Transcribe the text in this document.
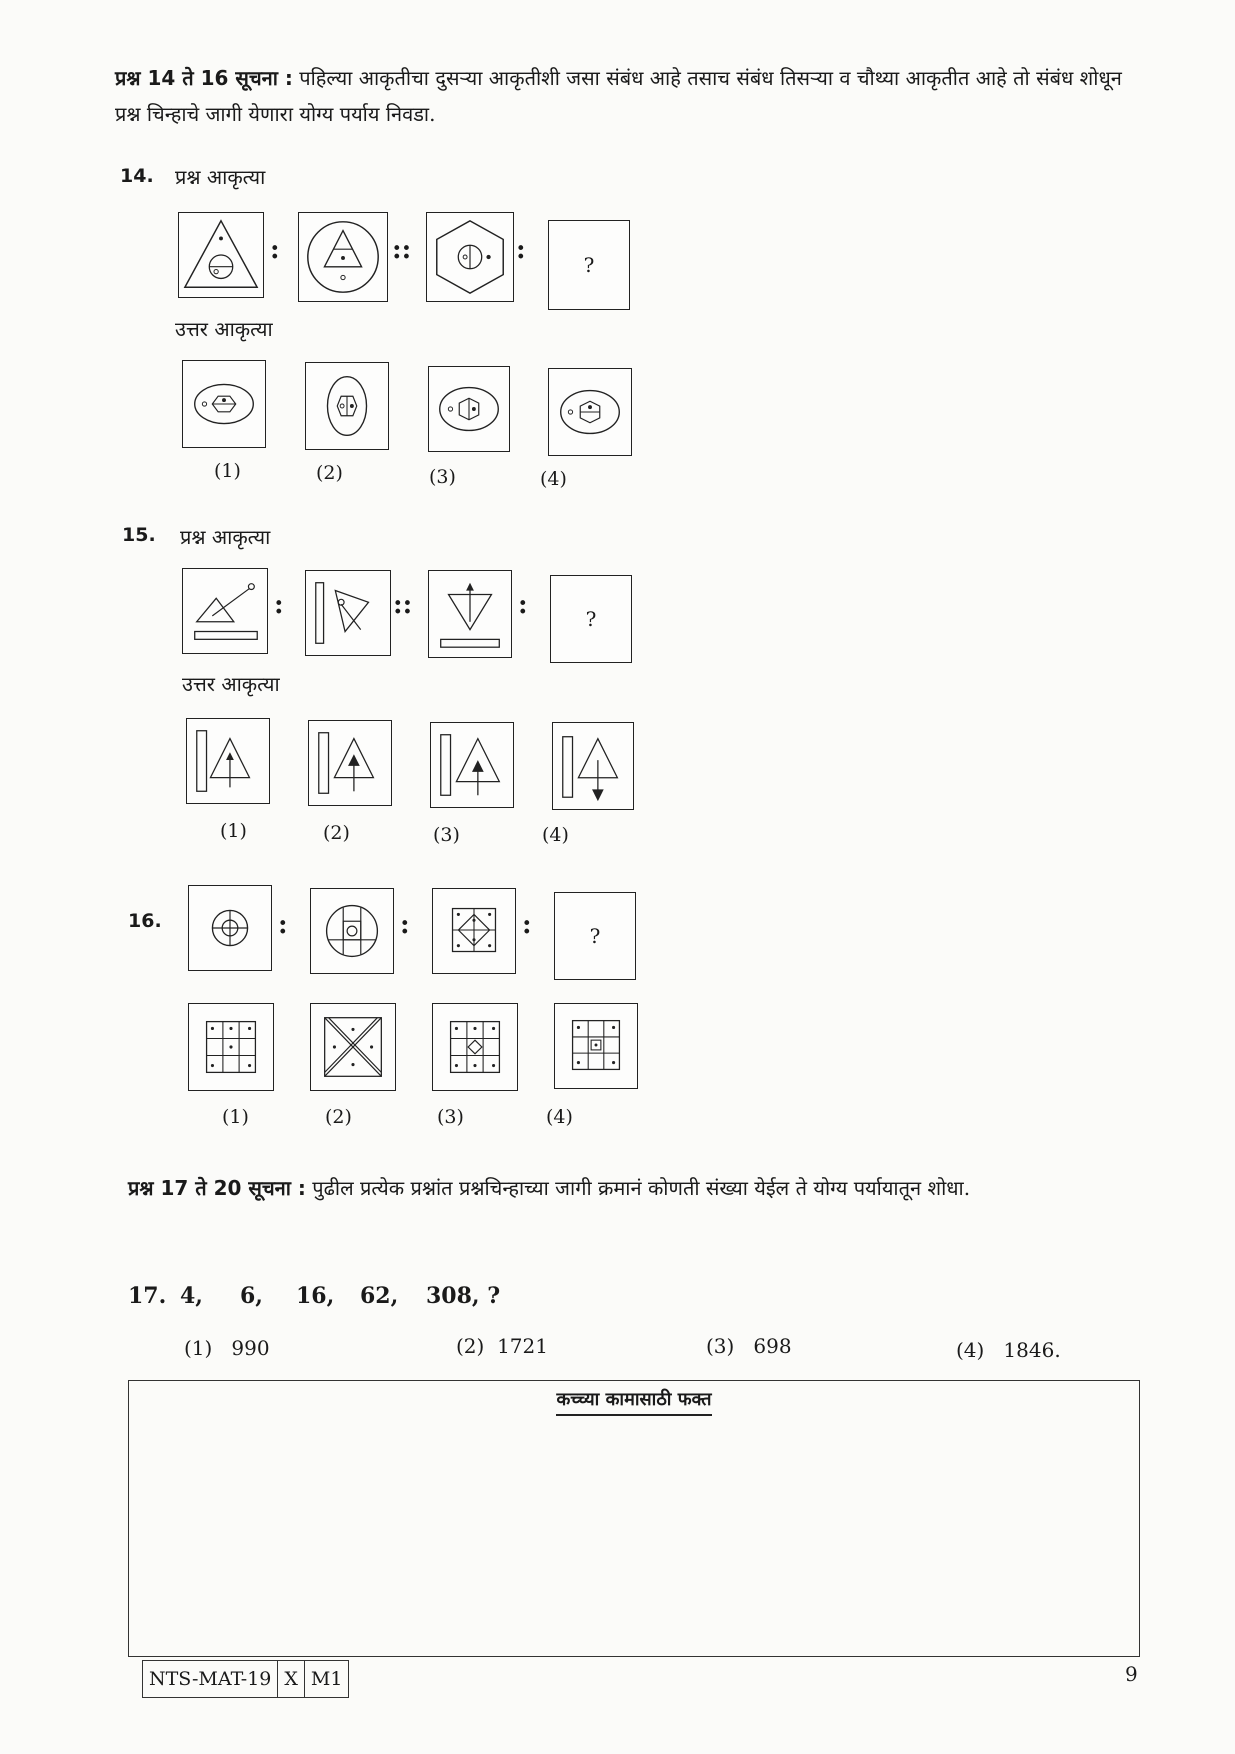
प्रश्न 14 ते 16 सूचना : पहिल्या आकृतीचा दुसऱ्या आकृतीशी जसा संबंध आहे तसाच संबंध तिसऱ्या व चौथ्या आकृतीत आहे तो संबंध शोधून प्रश्न चिन्हाचे जागी येणारा योग्य पर्याय निवडा.
14. प्रश्न आकृत्या
:	::	:	?
उत्तर आकृत्या
(1)	(2)	(3)	(4)
15. प्रश्न आकृत्या
:	::	:	?
उत्तर आकृत्या
(1)	(2)	(3)	(4)
16.	:	:	:	?
(1)	(2)	(3)	(4)
प्रश्न 17 ते 20 सूचना : पुढील प्रत्येक प्रश्नांत प्रश्नचिन्हाच्या जागी क्रमानं कोणती संख्या येईल ते योग्य पर्यायातून शोधा.
17. 4, 6, 16, 62, 308, ?
(1) 990	(2) 1721	(3) 698	(4) 1846.
कच्च्या कामासाठी फक्त
NTS-MAT-19 X M1	9
